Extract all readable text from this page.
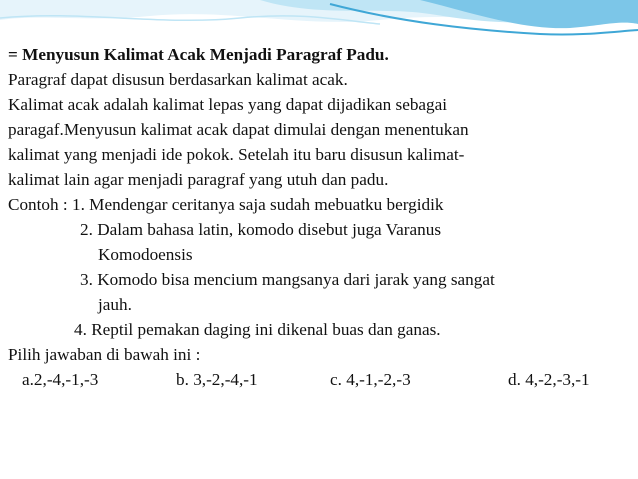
= Menyusun Kalimat Acak Menjadi Paragraf Padu.
Paragraf dapat disusun berdasarkan kalimat acak.
Kalimat acak adalah kalimat lepas yang dapat dijadikan sebagai
paragaf.Menyusun kalimat acak dapat dimulai dengan menentukan
kalimat yang menjadi ide pokok. Setelah itu baru disusun kalimat-
kalimat lain agar menjadi paragraf yang utuh dan padu.
Contoh : 1. Mendengar ceritanya saja sudah mebuatku bergidik
2. Dalam bahasa latin, komodo disebut juga Varanus
Komodoensis
3. Komodo bisa mencium mangsanya dari jarak yang sangat
jauh.
4. Reptil pemakan daging ini dikenal buas dan ganas.
Pilih jawaban di bawah ini :
a.2,-4,-1,-3	b. 3,-2,-4,-1	c. 4,-1,-2,-3	d. 4,-2,-3,-1
